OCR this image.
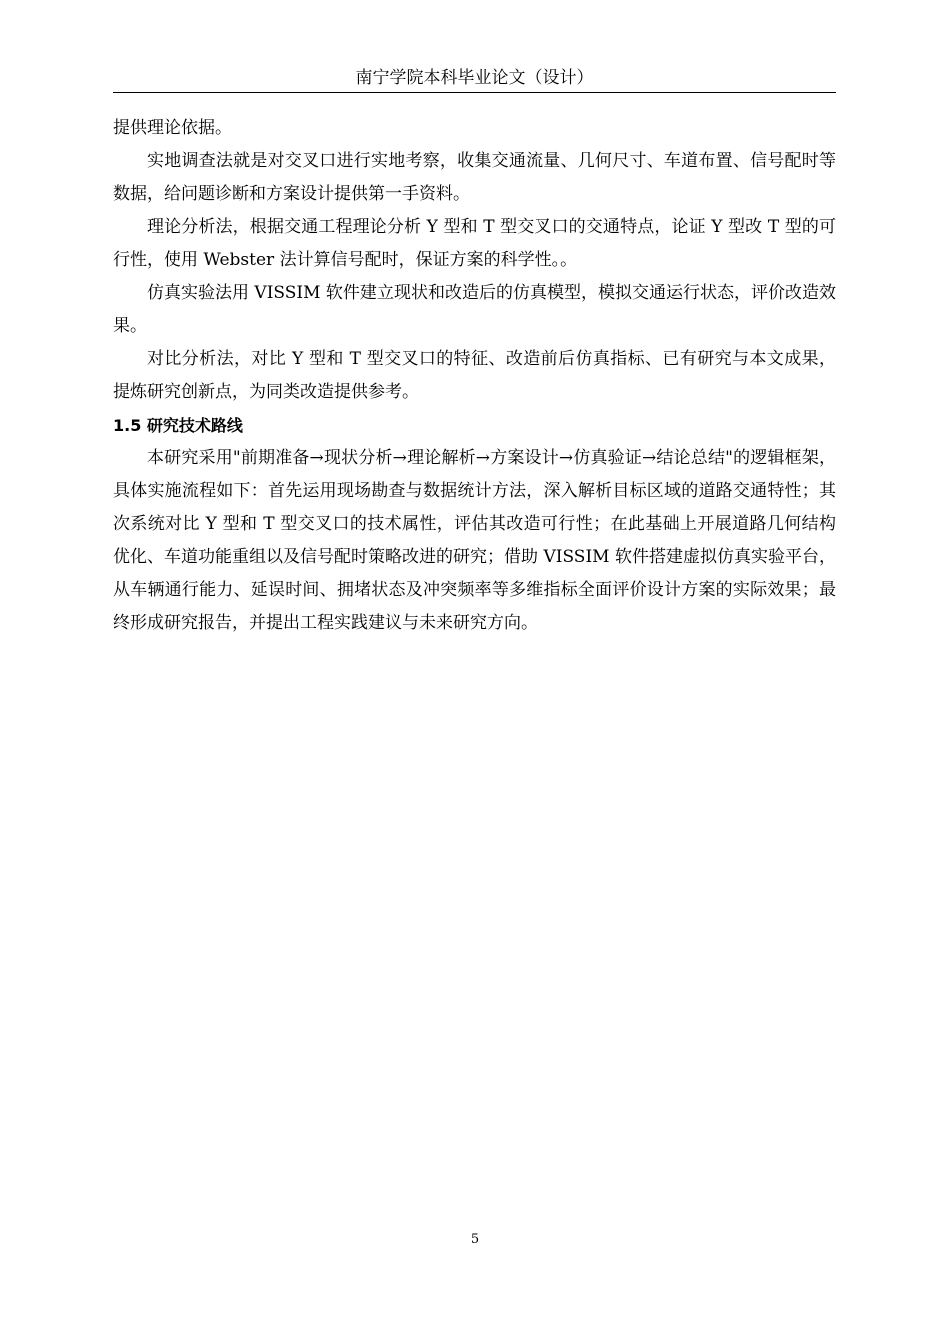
南宁学院本科毕业论文（设计）

提供理论依据。

实地调查法就是对交叉口进行实地考察，收集交通流量、几何尺寸、车道布置、信号配时等数据，给问题诊断和方案设计提供第一手资料。

理论分析法，根据交通工程理论分析 Y 型和 T 型交叉口的交通特点，论证 Y 型改 T 型的可行性，使用 Webster 法计算信号配时，保证方案的科学性。。

仿真实验法用 VISSIM 软件建立现状和改造后的仿真模型，模拟交通运行状态，评价改造效果。

对比分析法，对比 Y 型和 T 型交叉口的特征、改造前后仿真指标、已有研究与本文成果，提炼研究创新点，为同类改造提供参考。

1.5 研究技术路线

本研究采用"前期准备→现状分析→理论解析→方案设计→仿真验证→结论总结"的逻辑框架，具体实施流程如下：首先运用现场勘查与数据统计方法，深入解析目标区域的道路交通特性；其次系统对比 Y 型和 T 型交叉口的技术属性，评估其改造可行性；在此基础上开展道路几何结构优化、车道功能重组以及信号配时策略改进的研究；借助 VISSIM 软件搭建虚拟仿真实验平台，从车辆通行能力、延误时间、拥堵状态及冲突频率等多维指标全面评价设计方案的实际效果；最终形成研究报告，并提出工程实践建议与未来研究方向。

5
